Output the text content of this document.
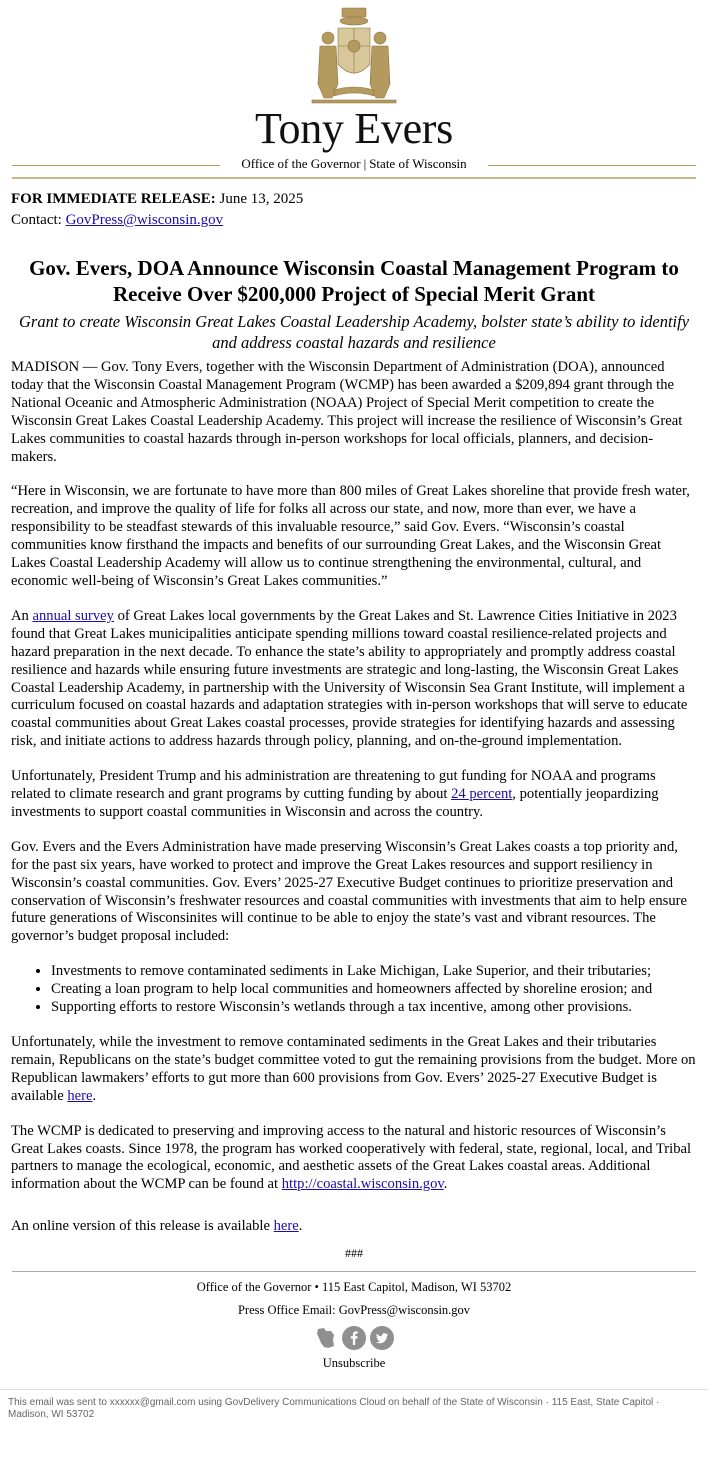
Tony Evers
Office of the Governor | State of Wisconsin
FOR IMMEDIATE RELEASE: June 13, 2025
Contact: GovPress@wisconsin.gov
Gov. Evers, DOA Announce Wisconsin Coastal Management Program to Receive Over $200,000 Project of Special Merit Grant
Grant to create Wisconsin Great Lakes Coastal Leadership Academy, bolster state’s ability to identify and address coastal hazards and resilience

MADISON — Gov. Tony Evers, together with the Wisconsin Department of Administration (DOA), announced today that the Wisconsin Coastal Management Program (WCMP) has been awarded a $209,894 grant through the National Oceanic and Atmospheric Administration (NOAA) Project of Special Merit competition to create the Wisconsin Great Lakes Coastal Leadership Academy. This project will increase the resilience of Wisconsin’s Great Lakes communities to coastal hazards through in-person workshops for local officials, planners, and decision-makers.

“Here in Wisconsin, we are fortunate to have more than 800 miles of Great Lakes shoreline that provide fresh water, recreation, and improve the quality of life for folks all across our state, and now, more than ever, we have a responsibility to be steadfast stewards of this invaluable resource,” said Gov. Evers. “Wisconsin’s coastal communities know firsthand the impacts and benefits of our surrounding Great Lakes, and the Wisconsin Great Lakes Coastal Leadership Academy will allow us to continue strengthening the environmental, cultural, and economic well-being of Wisconsin’s Great Lakes communities.”

An annual survey of Great Lakes local governments by the Great Lakes and St. Lawrence Cities Initiative in 2023 found that Great Lakes municipalities anticipate spending millions toward coastal resilience-related projects and hazard preparation in the next decade. To enhance the state’s ability to appropriately and promptly address coastal resilience and hazards while ensuring future investments are strategic and long-lasting, the Wisconsin Great Lakes Coastal Leadership Academy, in partnership with the University of Wisconsin Sea Grant Institute, will implement a curriculum focused on coastal hazards and adaptation strategies with in-person workshops that will serve to educate coastal communities about Great Lakes coastal processes, provide strategies for identifying hazards and assessing risk, and initiate actions to address hazards through policy, planning, and on-the-ground implementation.

Unfortunately, President Trump and his administration are threatening to gut funding for NOAA and programs related to climate research and grant programs by cutting funding by about 24 percent, potentially jeopardizing investments to support coastal communities in Wisconsin and across the country.

Gov. Evers and the Evers Administration have made preserving Wisconsin’s Great Lakes coasts a top priority and, for the past six years, have worked to protect and improve the Great Lakes resources and support resiliency in Wisconsin’s coastal communities. Gov. Evers’ 2025-27 Executive Budget continues to prioritize preservation and conservation of Wisconsin’s freshwater resources and coastal communities with investments that aim to help ensure future generations of Wisconsinites will continue to be able to enjoy the state’s vast and vibrant resources. The governor’s budget proposal included:

• Investments to remove contaminated sediments in Lake Michigan, Lake Superior, and their tributaries;
• Creating a loan program to help local communities and homeowners affected by shoreline erosion; and
• Supporting efforts to restore Wisconsin’s wetlands through a tax incentive, among other provisions.

Unfortunately, while the investment to remove contaminated sediments in the Great Lakes and their tributaries remain, Republicans on the state’s budget committee voted to gut the remaining provisions from the budget. More on Republican lawmakers’ efforts to gut more than 600 provisions from Gov. Evers’ 2025-27 Executive Budget is available here.

The WCMP is dedicated to preserving and improving access to the natural and historic resources of Wisconsin’s Great Lakes coasts. Since 1978, the program has worked cooperatively with federal, state, regional, local, and Tribal partners to manage the ecological, economic, and aesthetic assets of the Great Lakes coastal areas. Additional information about the WCMP can be found at http://coastal.wisconsin.gov.

An online version of this release is available here.

###
Office of the Governor • 115 East Capitol, Madison, WI 53702
Press Office Email: GovPress@wisconsin.gov
Unsubscribe
This email was sent to xxxxxx@gmail.com using GovDelivery Communications Cloud on behalf of the State of Wisconsin · 115 East, State Capitol · Madison, WI 53702
